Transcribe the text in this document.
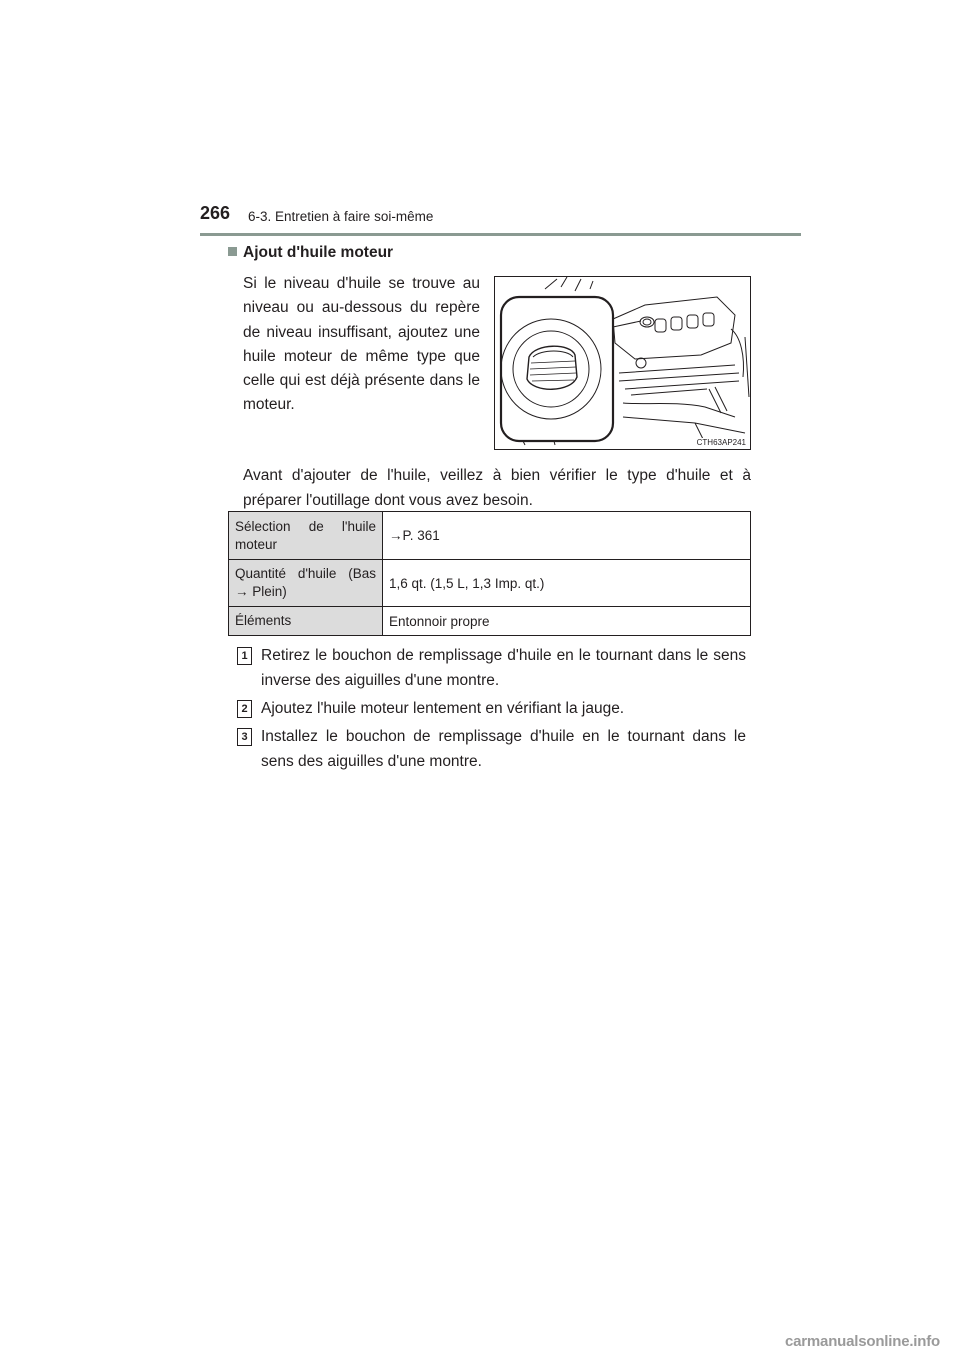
266 6-3. Entretien à faire soi-même
Ajout d'huile moteur
Si le niveau d'huile se trouve au niveau ou au-dessous du repère de niveau insuffisant, ajoutez une huile moteur de même type que celle qui est déjà présente dans le moteur.
CTH63AP241
Avant d'ajouter de l'huile, veillez à bien vérifier le type d'huile et à préparer l'outillage dont vous avez besoin.
Sélection de l'huile moteur	→P. 361
Quantité d'huile (Bas → Plein)	1,6 qt. (1,5 L, 1,3 Imp. qt.)
Éléments	Entonnoir propre
1 Retirez le bouchon de remplissage d'huile en le tournant dans le sens inverse des aiguilles d'une montre.
2 Ajoutez l'huile moteur lentement en vérifiant la jauge.
3 Installez le bouchon de remplissage d'huile en le tournant dans le sens des aiguilles d'une montre.
carmanualsonline.info
